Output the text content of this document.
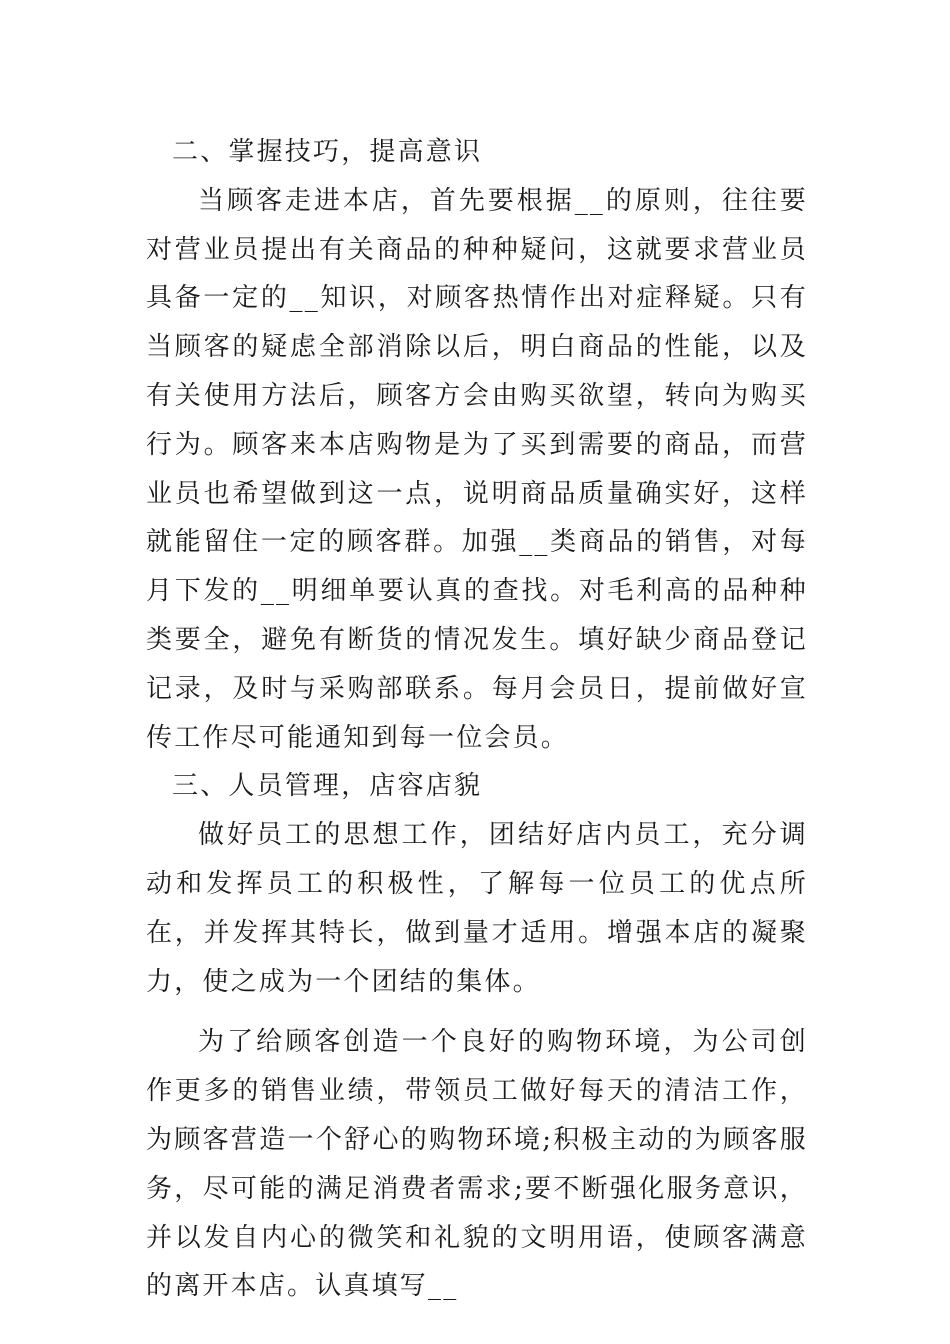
二、掌握技巧，提高意识

当顾客走进本店，首先要根据__的原则，往往要对营业员提出有关商品的种种疑问，这就要求营业员具备一定的__知识，对顾客热情作出对症释疑。只有当顾客的疑虑全部消除以后，明白商品的性能，以及有关使用方法后，顾客方会由购买欲望，转向为购买行为。顾客来本店购物是为了买到需要的商品，而营业员也希望做到这一点，说明商品质量确实好，这样就能留住一定的顾客群。加强__类商品的销售，对每月下发的__明细单要认真的查找。对毛利高的品种种类要全，避免有断货的情况发生。填好缺少商品登记记录，及时与采购部联系。每月会员日，提前做好宣传工作尽可能通知到每一位会员。

三、人员管理，店容店貌

做好员工的思想工作，团结好店内员工，充分调动和发挥员工的积极性，了解每一位员工的优点所在，并发挥其特长，做到量才适用。增强本店的凝聚力，使之成为一个团结的集体。

为了给顾客创造一个良好的购物环境，为公司创作更多的销售业绩，带领员工做好每天的清洁工作，为顾客营造一个舒心的购物环境;积极主动的为顾客服务，尽可能的满足消费者需求;要不断强化服务意识，并以发自内心的微笑和礼貌的文明用语，使顾客满意的离开本店。认真填写__
